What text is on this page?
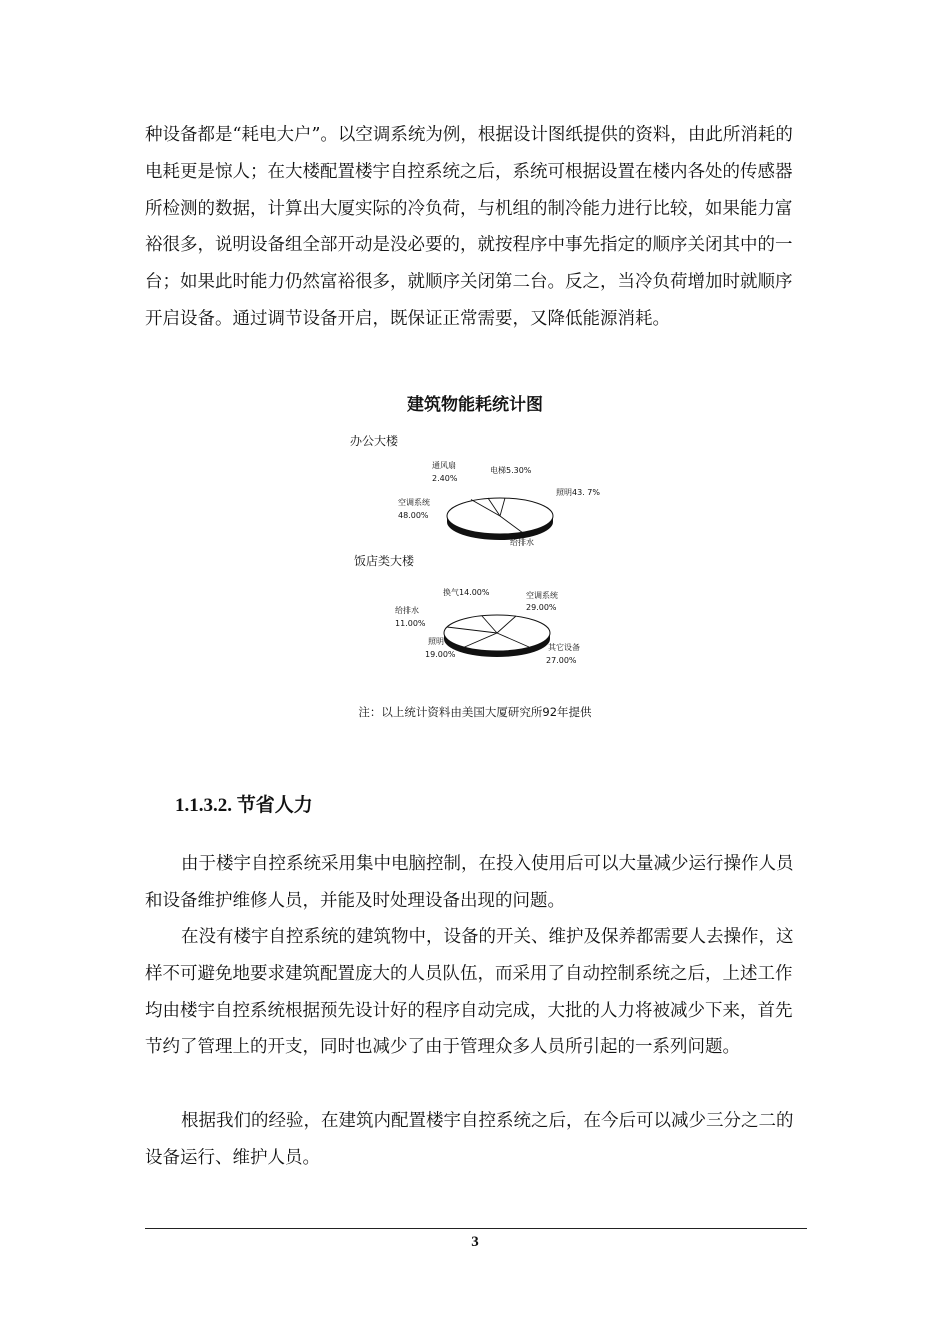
种设备都是“耗电大户”。以空调系统为例，根据设计图纸提供的资料，由此所消耗的电耗更是惊人；在大楼配置楼宇自控系统之后，系统可根据设置在楼内各处的传感器所检测的数据，计算出大厦实际的冷负荷，与机组的制冷能力进行比较，如果能力富裕很多，说明设备组全部开动是没必要的，就按程序中事先指定的顺序关闭其中的一台；如果此时能力仍然富裕很多，就顺序关闭第二台。反之，当冷负荷增加时就顺序开启设备。通过调节设备开启，既保证正常需要，又降低能源消耗。
建筑物能耗统计图
办公大楼
通风扇
2.40%
电梯5.30%
照明43. 7%
空调系统
48.00%
给排水
饭店类大楼
换气14.00%	空调系统
29.00%
给排水
11.00%
照明
19.00%
其它设备
27.00%
注：以上统计资料由美国大厦研究所92年提供
1.1.3.2. 节省人力
由于楼宇自控系统采用集中电脑控制，在投入使用后可以大量减少运行操作人员和设备维护维修人员，并能及时处理设备出现的问题。
在没有楼宇自控系统的建筑物中，设备的开关、维护及保养都需要人去操作，这样不可避免地要求建筑配置庞大的人员队伍，而采用了自动控制系统之后，上述工作均由楼宇自控系统根据预先设计好的程序自动完成，大批的人力将被减少下来，首先节约了管理上的开支，同时也减少了由于管理众多人员所引起的一系列问题。
根据我们的经验，在建筑内配置楼宇自控系统之后，在今后可以减少三分之二的设备运行、维护人员。
3
